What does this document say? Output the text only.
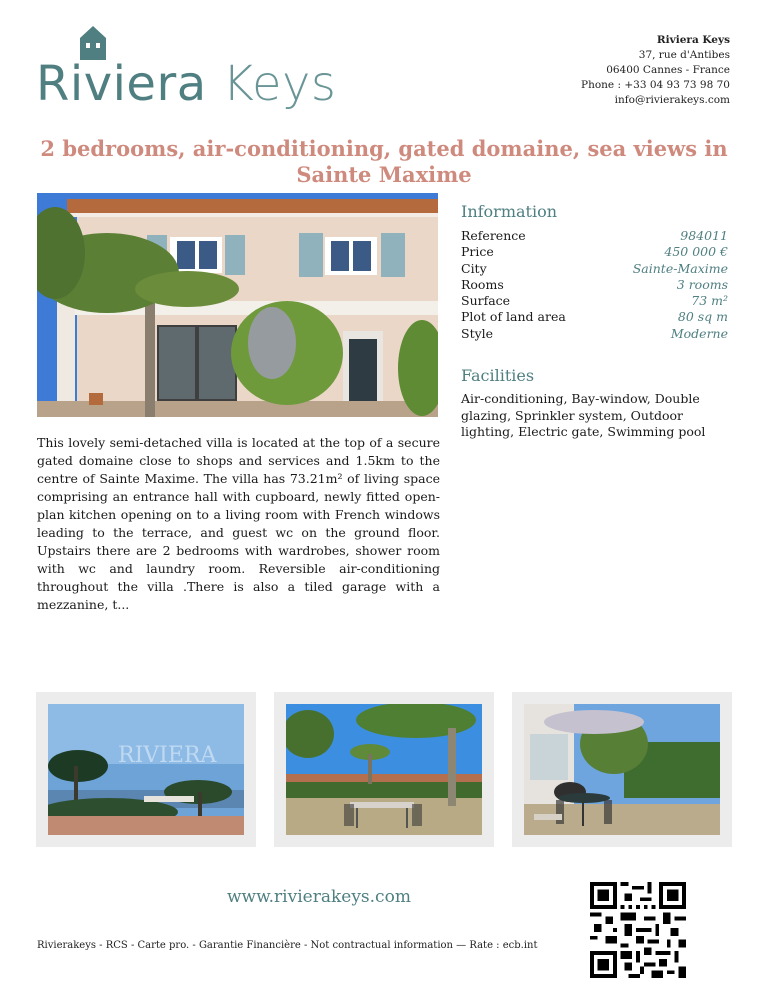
Riviera Keys
Riviera Keys
37, rue d'Antibes
06400 Cannes - France
Phone : +33 04 93 73 98 70
info@rivierakeys.com
2 bedrooms, air-conditioning, gated domaine, sea views in Sainte Maxime
Information
Reference	984011
Price	450 000 €
City	Sainte-Maxime
Rooms	3 rooms
Surface	73 m²
Plot of land area	80 sq m
Style	Moderne
Facilities

Air-conditioning, Bay-window, Double glazing, Sprinkler system, Outdoor lighting, Electric gate, Swimming pool

This lovely semi-detached villa is located at the top of a secure gated domaine close to shops and services and 1.5km to the centre of Sainte Maxime. The villa has 73.21m² of living space comprising an entrance hall with cupboard, newly fitted open-plan kitchen opening on to a living room with French windows leading to the terrace, and guest wc on the ground floor. Upstairs there are 2 bedrooms with wardrobes, shower room with wc and laundry room. Reversible air-conditioning throughout the villa .There is also a tiled garage with a mezzanine, t...

RIVIERA
www.rivierakeys.com
Rivierakeys - RCS - Carte pro. - Garantie Financière - Not contractual information — Rate : ecb.int
